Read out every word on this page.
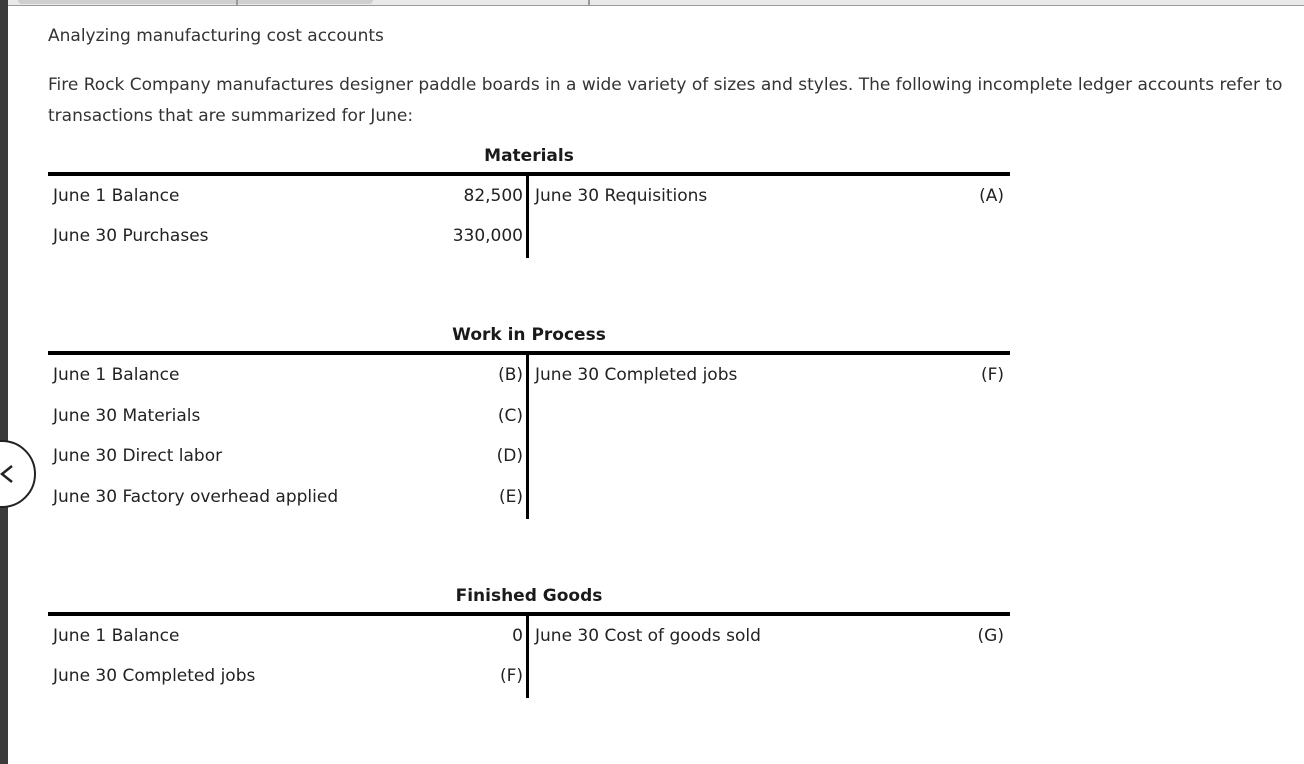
Analyzing manufacturing cost accounts
Fire Rock Company manufactures designer paddle boards in a wide variety of sizes and styles. The following incomplete ledger accounts refer to transactions that are summarized for June:
Materials
June 1 Balance	82,500
June 30 Purchases	330,000
June 30 Requisitions	(A)
Work in Process
June 1 Balance	(B)
June 30 Materials	(C)
June 30 Direct labor	(D)
June 30 Factory overhead applied	(E)
June 30 Completed jobs	(F)
Finished Goods
June 1 Balance	0
June 30 Completed jobs	(F)
June 30 Cost of goods sold	(G)
